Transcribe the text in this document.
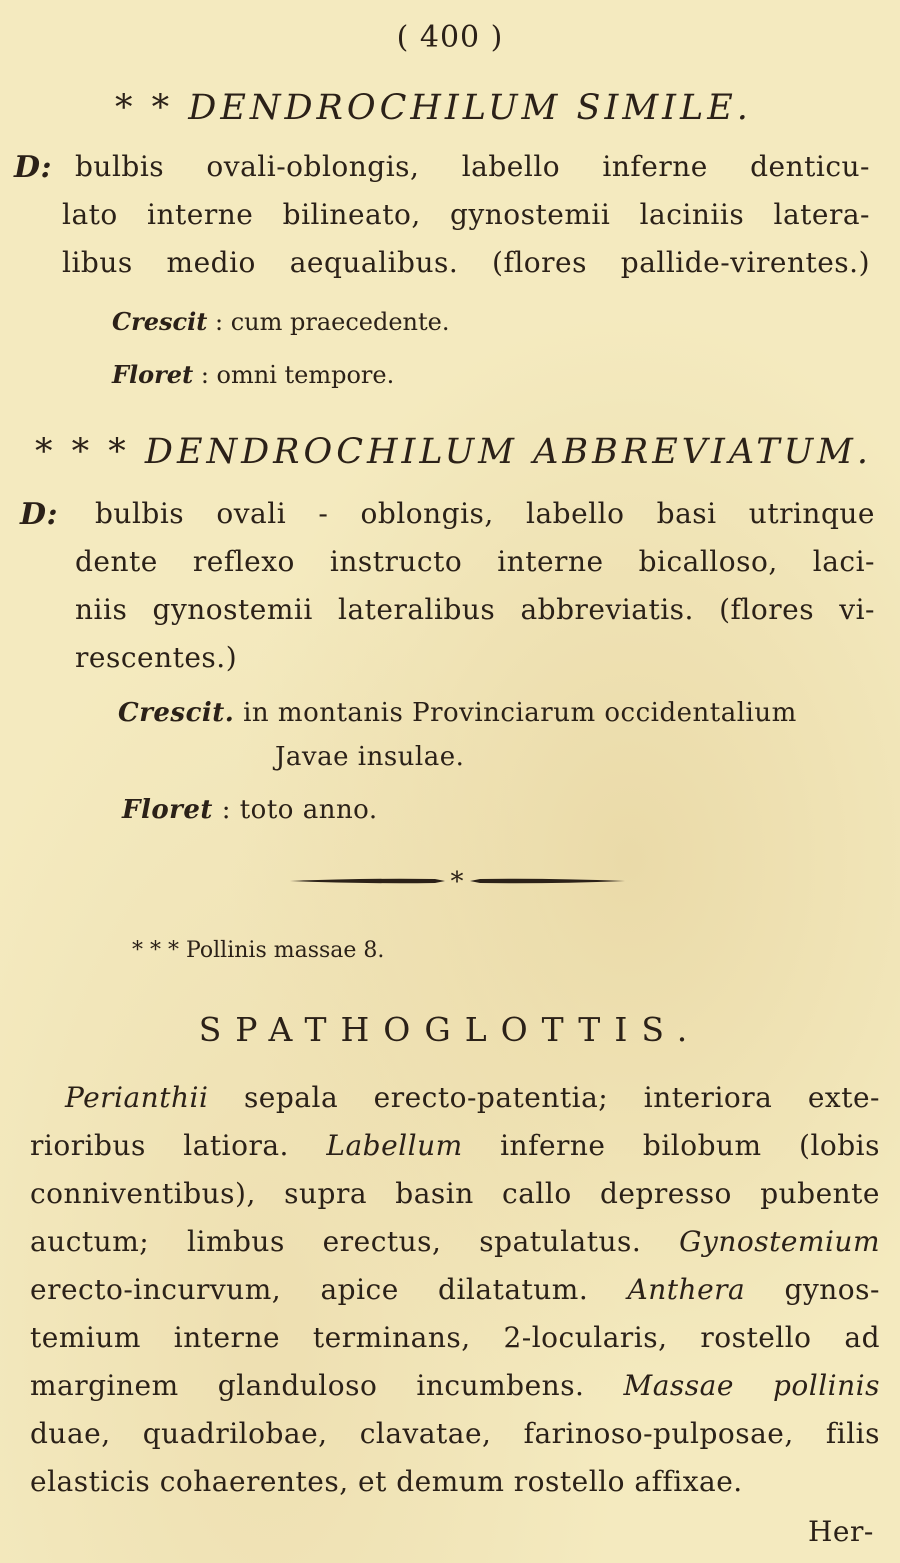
( 400 )
* * DENDROCHILUM SIMILE.
D: bulbis ovali-oblongis, labello inferne denticu-
lato interne bilineato, gynostemii laciniis latera-
libus medio aequalibus. (flores pallide-virentes.)
Crescit : cum praecedente.
Floret : omni tempore.
* * * DENDROCHILUM ABBREVIATUM.
D: bulbis ovali - oblongis, labello basi utrinque
dente reflexo instructo interne bicalloso, laci-
niis gynostemii lateralibus abbreviatis. (flores vi-
rescentes.)
Crescit. in montanis Provinciarum occidentalium
Javae insulae.
Floret : toto anno.
*
* * * Pollinis massae 8.
SPATHOGLOTTIS.
Perianthii sepala erecto-patentia; interiora exte-
rioribus latiora. Labellum inferne bilobum (lobis
conniventibus), supra basin callo depresso pubente
auctum; limbus erectus, spatulatus. Gynostemium
erecto-incurvum, apice dilatatum. Anthera gynos-
temium interne terminans, 2-locularis, rostello ad
marginem glanduloso incumbens. Massae pollinis
duae, quadrilobae, clavatae, farinoso-pulposae, filis
elasticis cohaerentes, et demum rostello affixae.
Her-
